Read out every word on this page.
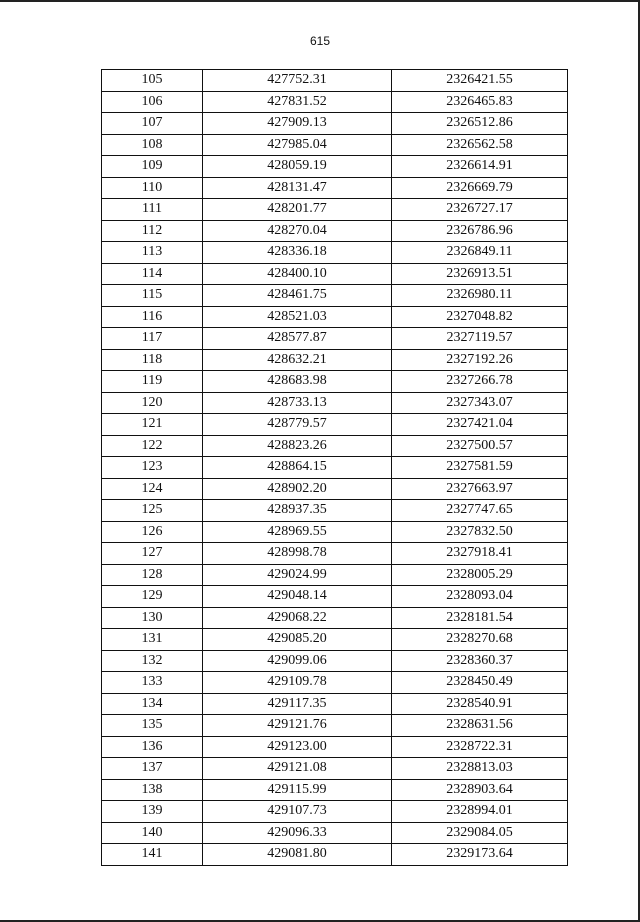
615
105	427752.31	2326421.55
106	427831.52	2326465.83
107	427909.13	2326512.86
108	427985.04	2326562.58
109	428059.19	2326614.91
110	428131.47	2326669.79
111	428201.77	2326727.17
112	428270.04	2326786.96
113	428336.18	2326849.11
114	428400.10	2326913.51
115	428461.75	2326980.11
116	428521.03	2327048.82
117	428577.87	2327119.57
118	428632.21	2327192.26
119	428683.98	2327266.78
120	428733.13	2327343.07
121	428779.57	2327421.04
122	428823.26	2327500.57
123	428864.15	2327581.59
124	428902.20	2327663.97
125	428937.35	2327747.65
126	428969.55	2327832.50
127	428998.78	2327918.41
128	429024.99	2328005.29
129	429048.14	2328093.04
130	429068.22	2328181.54
131	429085.20	2328270.68
132	429099.06	2328360.37
133	429109.78	2328450.49
134	429117.35	2328540.91
135	429121.76	2328631.56
136	429123.00	2328722.31
137	429121.08	2328813.03
138	429115.99	2328903.64
139	429107.73	2328994.01
140	429096.33	2329084.05
141	429081.80	2329173.64
